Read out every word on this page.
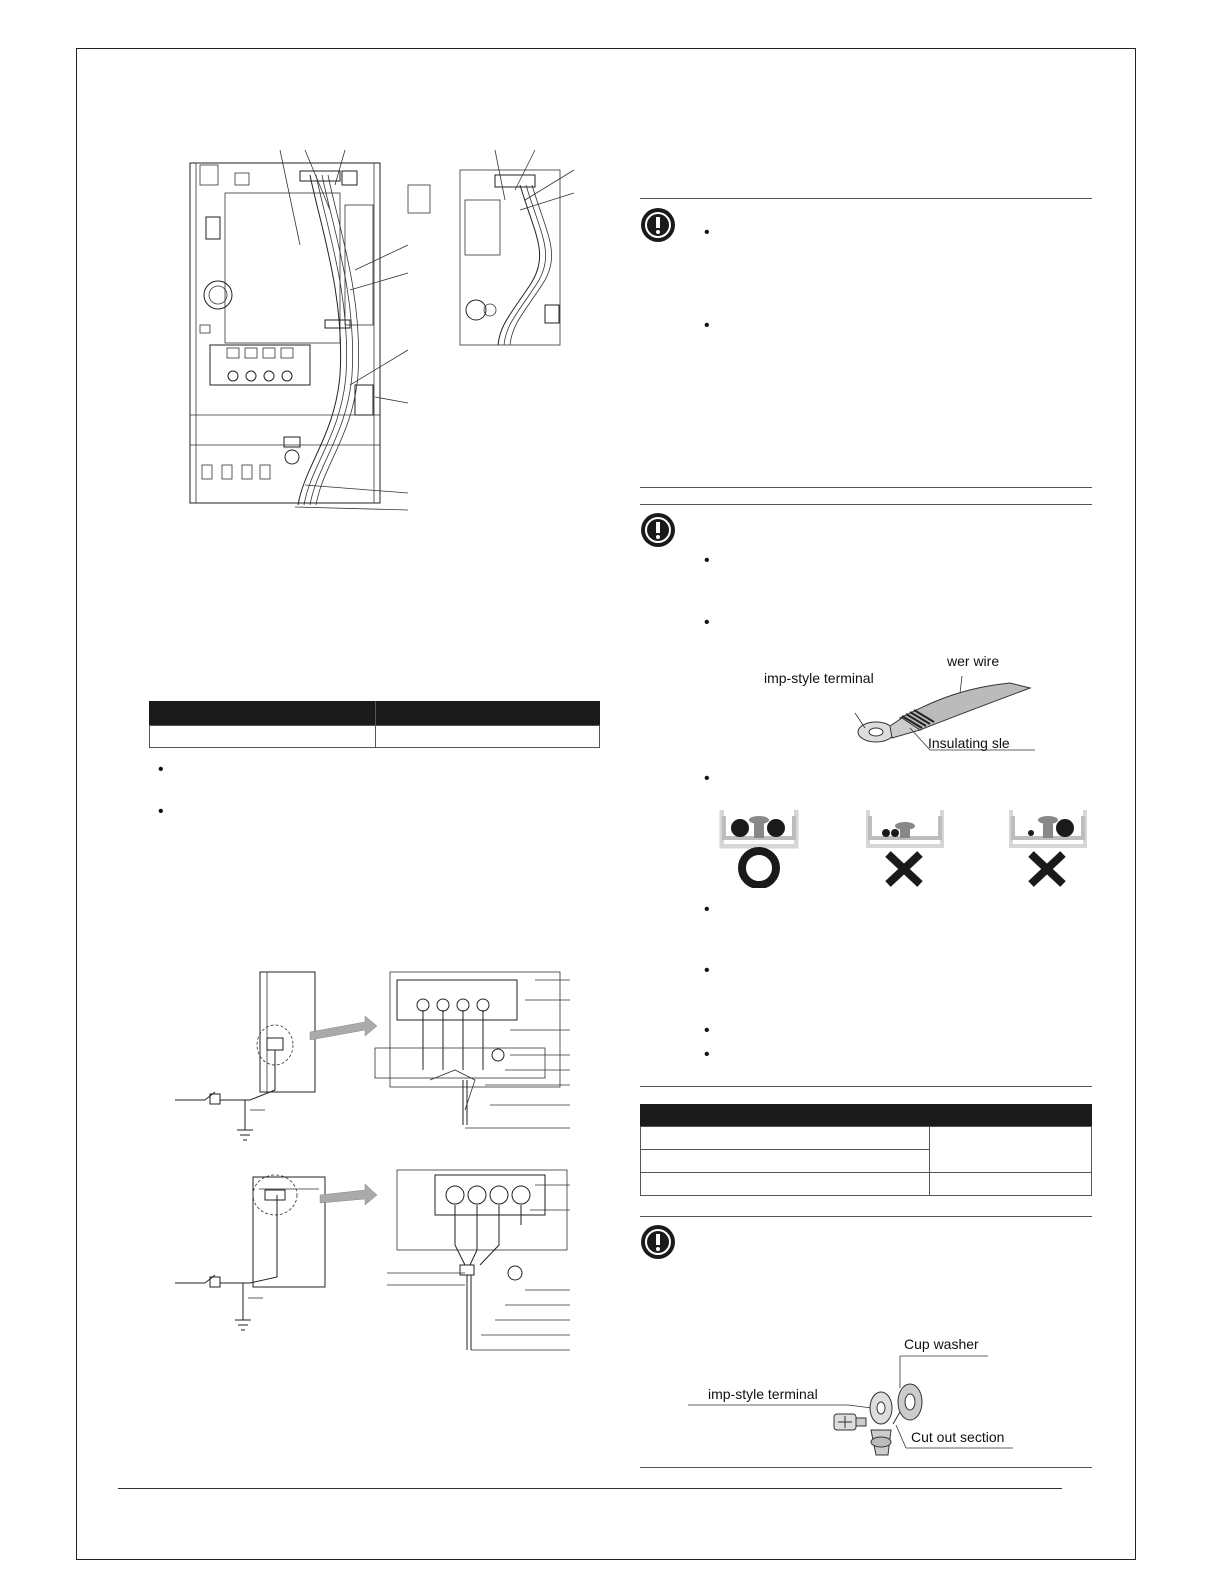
•
•
•
•
•
•
wer wire
imp-style terminal
Insulating sle
•
•
•
•
•
Cup washer
imp-style terminal
Cut out section
